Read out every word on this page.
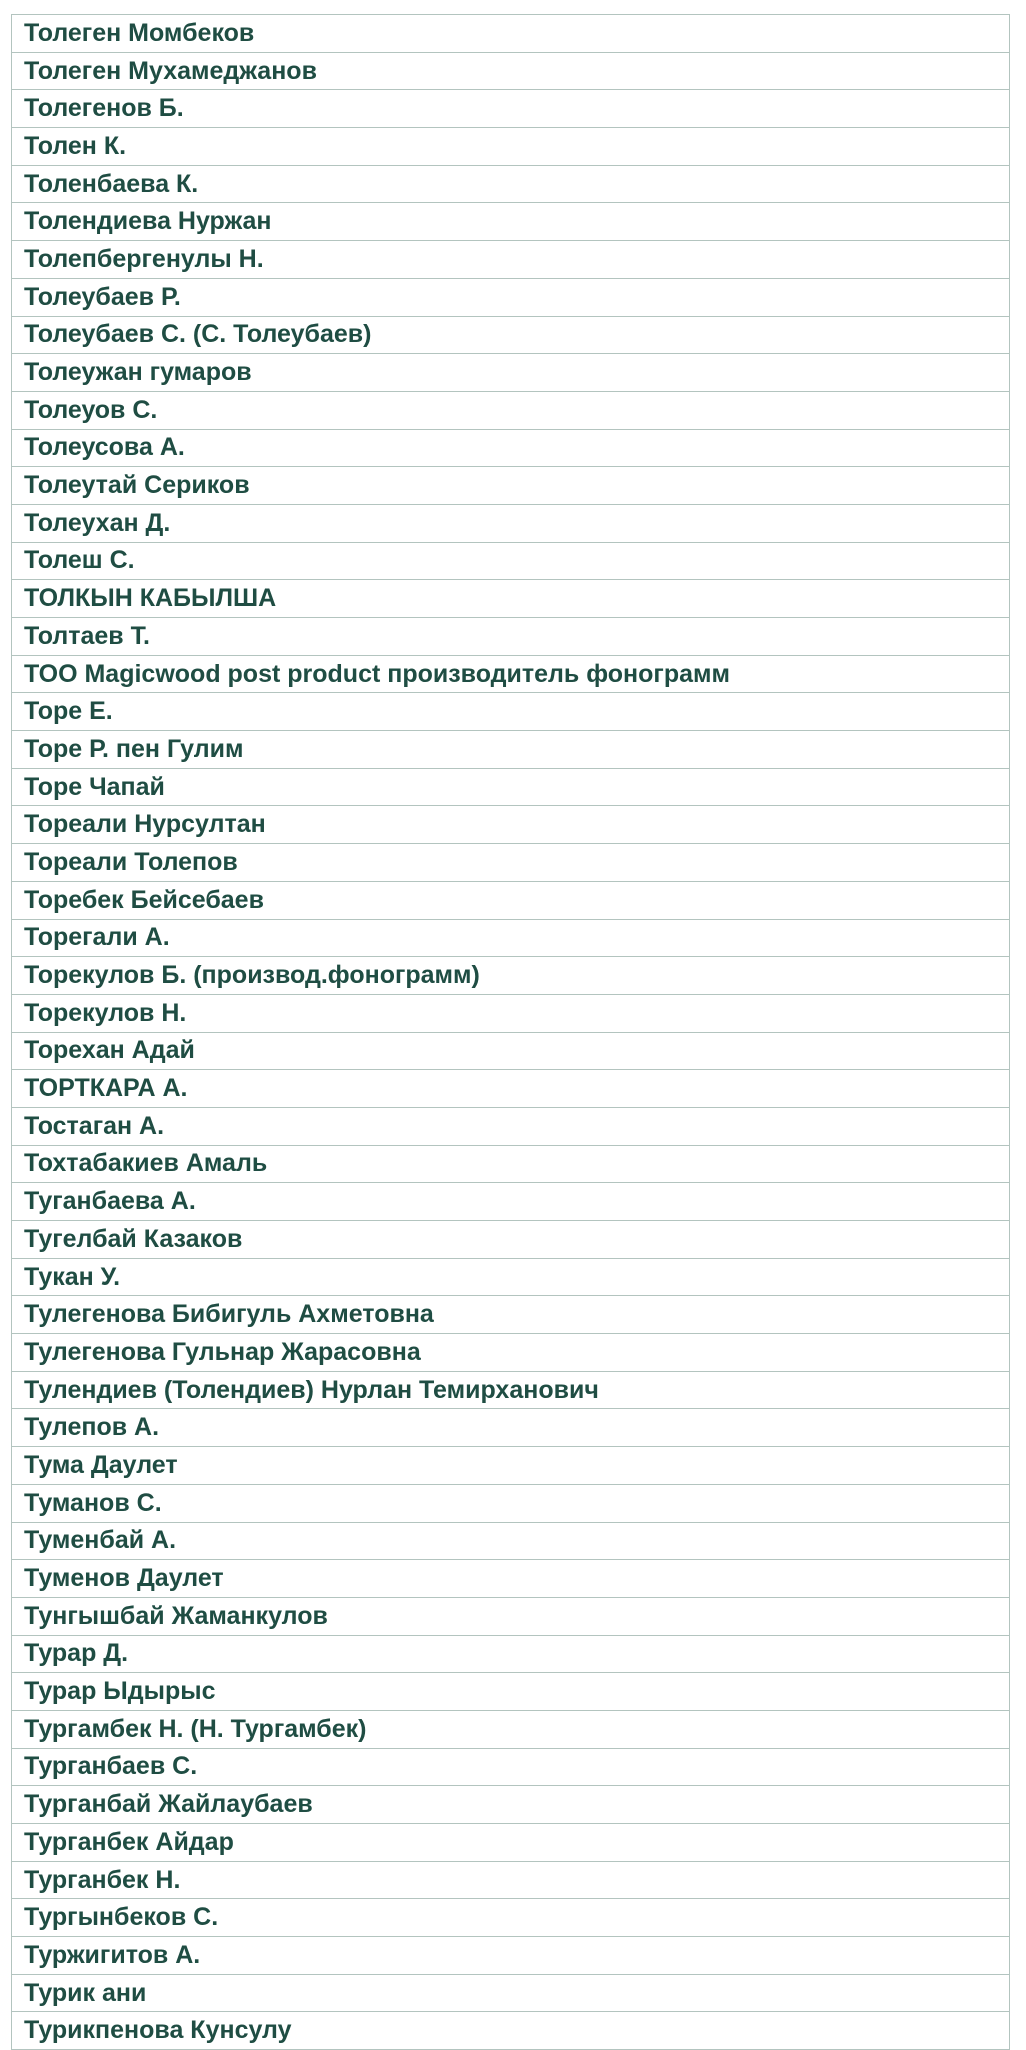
Толеген Момбеков
Толеген Мухамеджанов
Толегенов Б.
Толен К.
Толенбаева К.
Толендиева Нуржан
Толепбергенулы Н.
Толеубаев Р.
Толеубаев С. (С. Толеубаев)
Толеужан гумаров
Толеуов С.
Толеусова А.
Толеутай Сериков
Толеухан Д.
Толеш С.
ТОЛКЫН КАБЫЛША
Толтаев Т.
ТОО Magicwood post product производитель фонограмм
Торе Е.
Торе Р. пен Гулим
Торе Чапай
Тореали Нурсултан
Тореали Толепов
Торебек Бейсебаев
Торегали А.
Торекулов Б. (производ.фонограмм)
Торекулов Н.
Торехан Адай
ТОРТКАРА А.
Тостаган А.
Тохтабакиев Амаль
Туганбаева А.
Тугелбай Казаков
Тукан У.
Тулегенова Бибигуль Ахметовна
Тулегенова Гульнар Жарасовна
Тулендиев (Толендиев) Нурлан Темирханович
Тулепов А.
Тума Даулет
Туманов С.
Туменбай А.
Туменов Даулет
Тунгышбай Жаманкулов
Турар Д.
Турар Ыдырыс
Тургамбек Н. (Н. Тургамбек)
Турганбаев С.
Турганбай Жайлаубаев
Турганбек Айдар
Турганбек Н.
Тургынбеков С.
Туржигитов А.
Турик ани
Турикпенова Кунсулу
